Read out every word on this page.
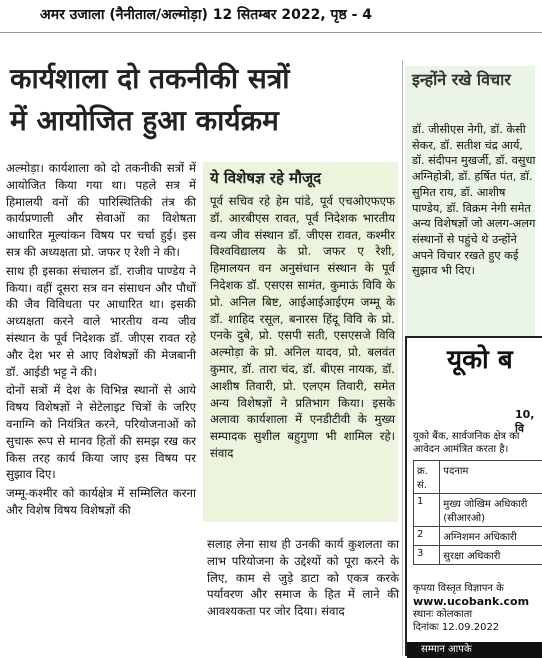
अमर उजाला (नैनीताल/अल्मोड़ा) 12 सितम्बर 2022, पृष्ठ - 4
कार्यशाला दो तकनीकी सत्रों
में आयोजित हुआ कार्यक्रम

अल्मोड़ा। कार्यशाला को दो तकनीकी सत्रों में आयोजित किया गया था। पहले सत्र में हिमालयी वनों की पारिस्थितिकी तंत्र की कार्यप्रणाली और सेवाओं का विशेषता आधारित मूल्यांकन विषय पर चर्चा हुई। इस सत्र की अध्यक्षता प्रो. जफर ए रेशी ने की।

साथ ही इसका संचालन डॉ. राजीव पाण्डेय ने किया। वहीं दूसरा सत्र वन संसाधन और पौधों की जैव विविधता पर आधारित था। इसकी अध्यक्षता करने वाले भारतीय वन्य जीव संस्थान के पूर्व निदेशक डॉ. जीएस रावत रहे और देश भर से आए विशेषज्ञों की मेजबानी डॉ. आईडी भट्ट ने की।

दोनों सत्रों में देश के विभिन्न स्थानों से आये विषय विशेषज्ञों ने सेटेलाइट चित्रों के जरिए वनाग्नि को नियंत्रित करने, परियोजनाओं को सुचारू रूप से मानव हितों की समझ रख कर किस तरह कार्य किया जाए इस विषय पर सुझाव दिए।

जम्मू-कश्मीर को कार्यक्षेत्र में सम्मिलित करना और विशेष विषय विशेषज्ञों की

ये विशेषज्ञ रहे मौजूद
पूर्व सचिव रहे हेम पांडे, पूर्व एचओएफएफ डॉ. आरबीएस रावत, पूर्व निदेशक भारतीय वन्य जीव संस्थान डॉ. जीएस रावत, कश्मीर विश्वविद्यालय के प्रो. जफर ए रेशी, हिमालयन वन अनुसंधान संस्थान के पूर्व निदेशक डॉ. एसएस सामंत, कुमाऊं विवि के प्रो. अनिल बिष्ट, आईआईआईएम जम्मू के डॉ. शाहिद रसूल, बनारस हिंदू विवि के प्रो. एनके दुबे, प्रो. एसपी सती, एसएसजे विवि अल्मोड़ा के प्रो. अनिल यादव, प्रो. बलवंत कुमार, डॉ. तारा चंद, डॉ. बीएस नायक, डॉ. आशीष तिवारी, प्रो. एलएम तिवारी, समेत अन्य विशेषज्ञों ने प्रतिभाग किया। इसके अलावा कार्यशाला में एनडीटीवी के मुख्य सम्पादक सुशील बहुगुणा भी शामिल रहे। संवाद
सलाह लेना साथ ही उनकी कार्य कुशलता का लाभ परियोजना के उद्देश्यों को पूरा करने के लिए, काम से जुड़े डाटा को एकत्र करके पर्यावरण और समाज के हित में लाने की आवश्यकता पर जोर दिया। संवाद
इन्होंने रखे विचार
डॉ. जीसीएस नेगी, डॉ. केसी सेकर, डॉ. सतीश चंद्र आर्य, डॉ. संदीपन मुखर्जी, डॉ. वसुधा अग्निहोत्री, डॉ. हर्षित पंत, डॉ. सुमित राय, डॉ. आशीष पाण्डेय, डॉ. विक्रम नेगी समेत अन्य विशेषज्ञों जो अलग-अलग संस्थानों से पहुंचे थे उन्होंने अपने विचार रखते हुए कई सुझाव भी दिए।
यूको ब
10, वि
यूको बैंक, सार्वजनिक क्षेत्र का आवेदन आमंत्रित करता है।
क्र. सं.	पदनाम
1	मुख्य जोखिम अधिकारी (सीआरओ)
2	अग्निशमन अधिकारी
3	सुरक्षा अधिकारी
कृपया विस्तृत विज्ञापन के
www.ucobank.com
स्थानः कोलकाता
दिनांकः 12.09.2022
सम्मान आपके
